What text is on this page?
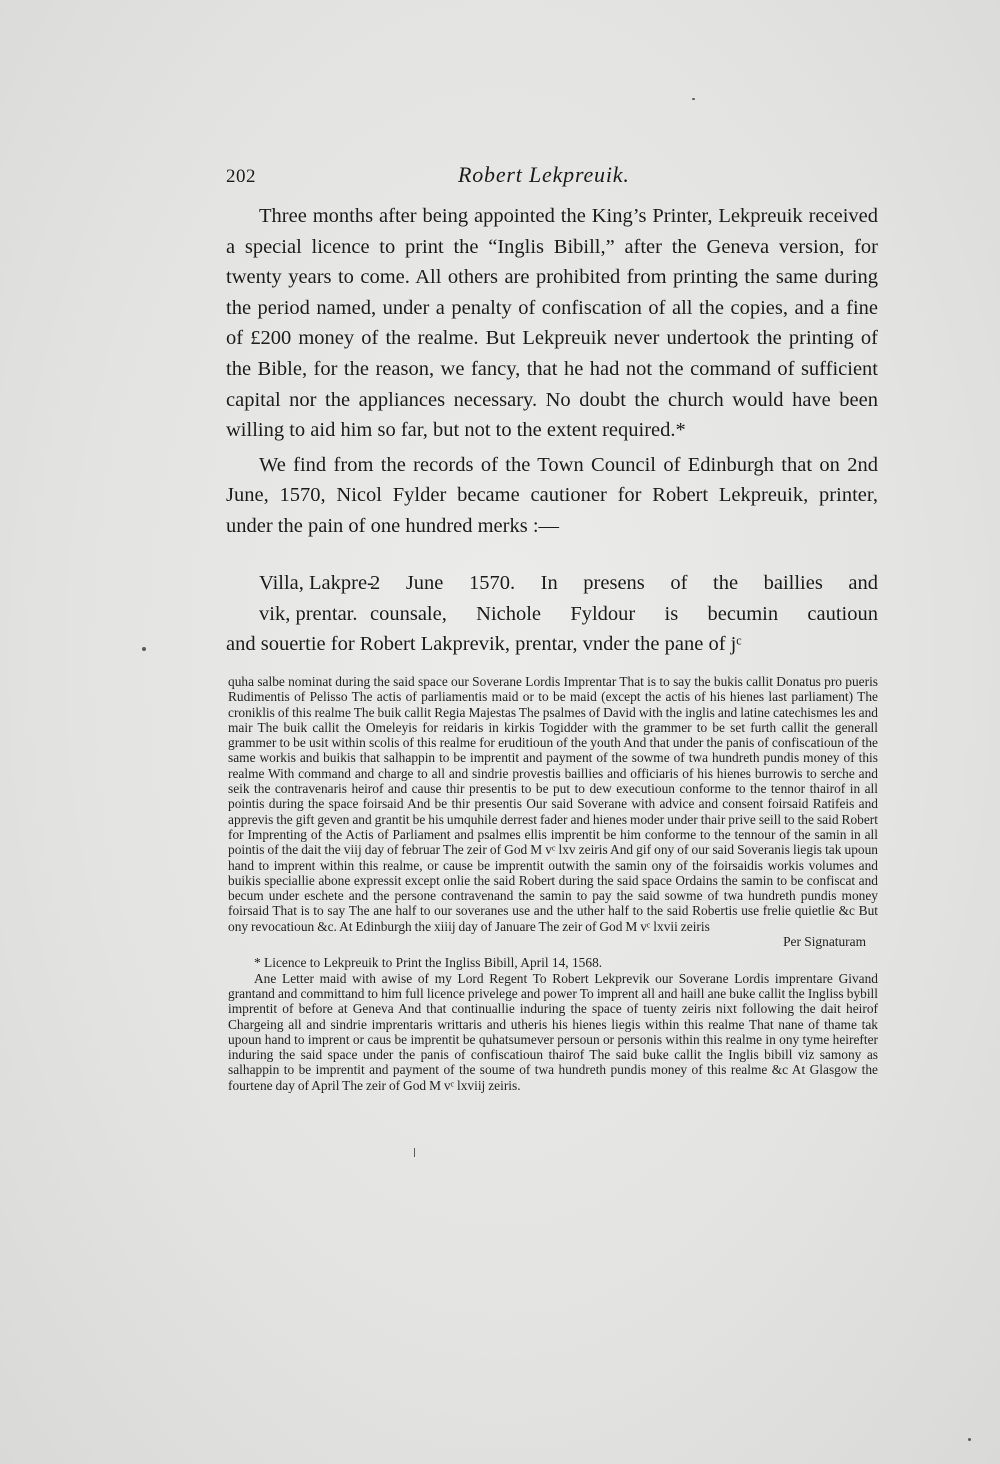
202	Robert Lekpreuik.

Three months after being appointed the King’s Printer, Lekpreuik received a special licence to print the “Inglis Bibill,” after the Geneva version, for twenty years to come. All others are prohibited from printing the same during the period named, under a penalty of confiscation of all the copies, and a fine of £200 money of the realme. But Lekpreuik never undertook the printing of the Bible, for the reason, we fancy, that he had not the command of sufficient capital nor the appliances necessary. No doubt the church would have been willing to aid him so far, but not to the extent required.*

We find from the records of the Town Council of Edinburgh that on 2nd June, 1570, Nicol Fylder became cautioner for Robert Lekpreuik, printer, under the pain of one hundred merks :—

Villa, Lakpre-
2 June 1570. In presens of the baillies and
vik, prentar. counsale, Nichole Fyldour is becumin cautioun
and souertie for Robert Lakprevik, prentar, vnder the pane of jᶜ

quha salbe nominat during the said space our Soverane Lordis Imprentar That is to say the bukis callit Donatus pro pueris Rudimentis of Pelisso The actis of parliamentis maid or to be maid (except the actis of his hienes last parliament) The croniklis of this realme The buik callit Regia Majestas The psalmes of David with the inglis and latine catechismes les and mair The buik callit the Omeleyis for reidaris in kirkis Togidder with the grammer to be set furth callit the generall grammer to be usit within scolis of this realme for eruditioun of the youth And that under the panis of confiscatioun of the same workis and buikis that salhappin to be imprentit and payment of the sowme of twa hundreth pundis money of this realme With command and charge to all and sindrie provestis baillies and officiaris of his hienes burrowis to serche and seik the contravenaris heirof and cause thir presentis to be put to dew executioun conforme to the tennor thairof in all pointis during the space foirsaid And be thir presentis Our said Soverane with advice and consent foirsaid Ratifeis and apprevis the gift geven and grantit be his umquhile derrest fader and hienes moder under thair prive seill to the said Robert for Imprenting of the Actis of Parliament and psalmes ellis imprentit be him conforme to the tennour of the samin in all pointis of the dait the viij day of februar The zeir of God M vᶜ lxv zeiris And gif ony of our said Soveranis liegis tak upoun hand to imprent within this realme, or cause be imprentit outwith the samin ony of the foirsaidis workis volumes and buikis speciallie abone expressit except onlie the said Robert during the said space Ordains the samin to be confiscat and becum under eschete and the persone contravenand the samin to pay the said sowme of twa hundreth pundis money foirsaid That is to say The ane half to our soveranes use and the uther half to the said Robertis use frelie quietlie &c But ony revocatioun &c. At Edinburgh the xiiij day of Januare The zeir of God M vᶜ lxvii zeiris

Per Signaturam

* Licence to Lekpreuik to Print the Ingliss Bibill, April 14, 1568.

Ane Letter maid with awise of my Lord Regent To Robert Lekprevik our Soverane Lordis imprentare Givand grantand and committand to him full licence privelege and power To imprent all and haill ane buke callit the Ingliss bybill imprentit of before at Geneva And that continuallie induring the space of tuenty zeiris nixt following the dait heirof Chargeing all and sindrie imprentaris writtaris and utheris his hienes liegis within this realme That nane of thame tak upoun hand to imprent or caus be imprentit be quhatsumever persoun or personis within this realme in ony tyme heirefter induring the said space under the panis of confiscatioun thairof The said buke callit the Inglis bibill viz samony as salhappin to be imprentit and payment of the soume of twa hundreth pundis money of this realme &c At Glasgow the fourtene day of April The zeir of God M vᶜ lxviij zeiris.
